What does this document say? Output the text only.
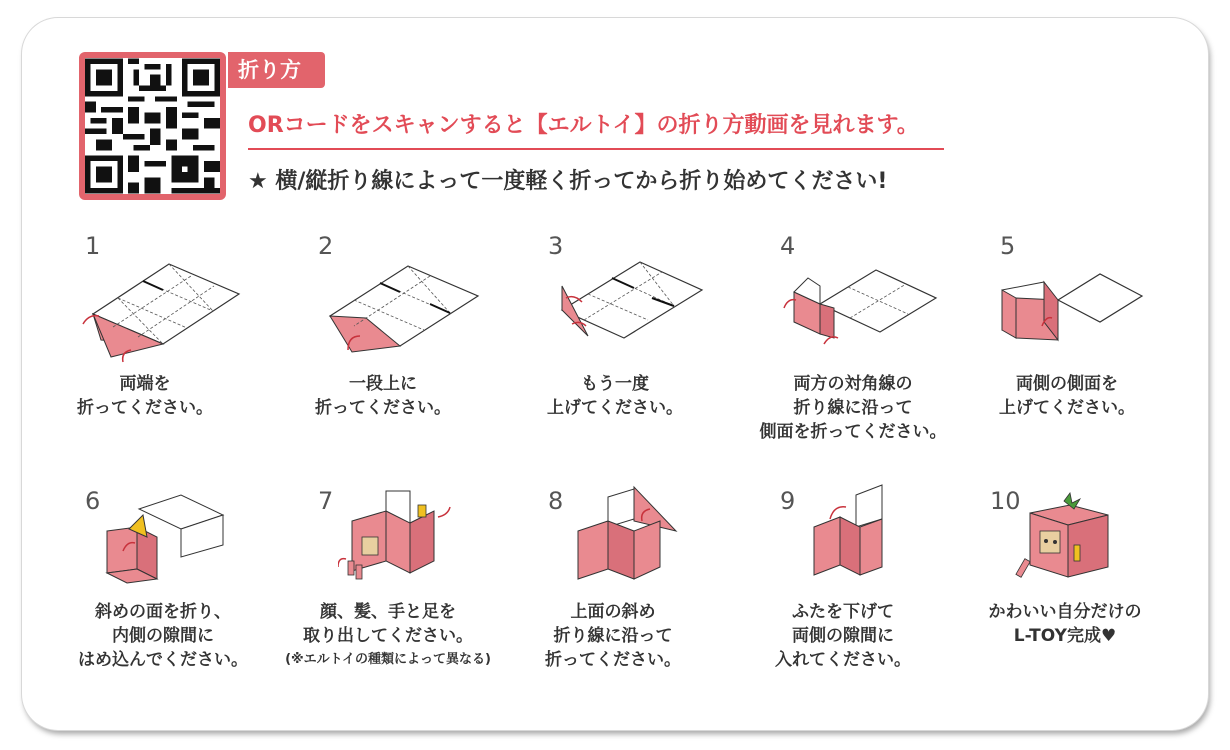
折り方
ORコードをスキャンすると【エルトイ】の折り方動画を見れます。
★ 横/縦折り線によって一度軽く折ってから折り始めてください!
1
両端を
折ってください。
2
一段上に
折ってください。
3
もう一度
上げてください。
4
両方の対角線の
折り線に沿って
側面を折ってください。
5
両側の側面を
上げてください。
6
斜めの面を折り、
内側の隙間に
はめ込んでください。
7
顔、髪、手と足を
取り出してください。
(※エルトイの種類によって異なる)
8
上面の斜め
折り線に沿って
折ってください。
9
ふたを下げて
両側の隙間に
入れてください。
10
かわいい自分だけの
L-TOY完成♥
